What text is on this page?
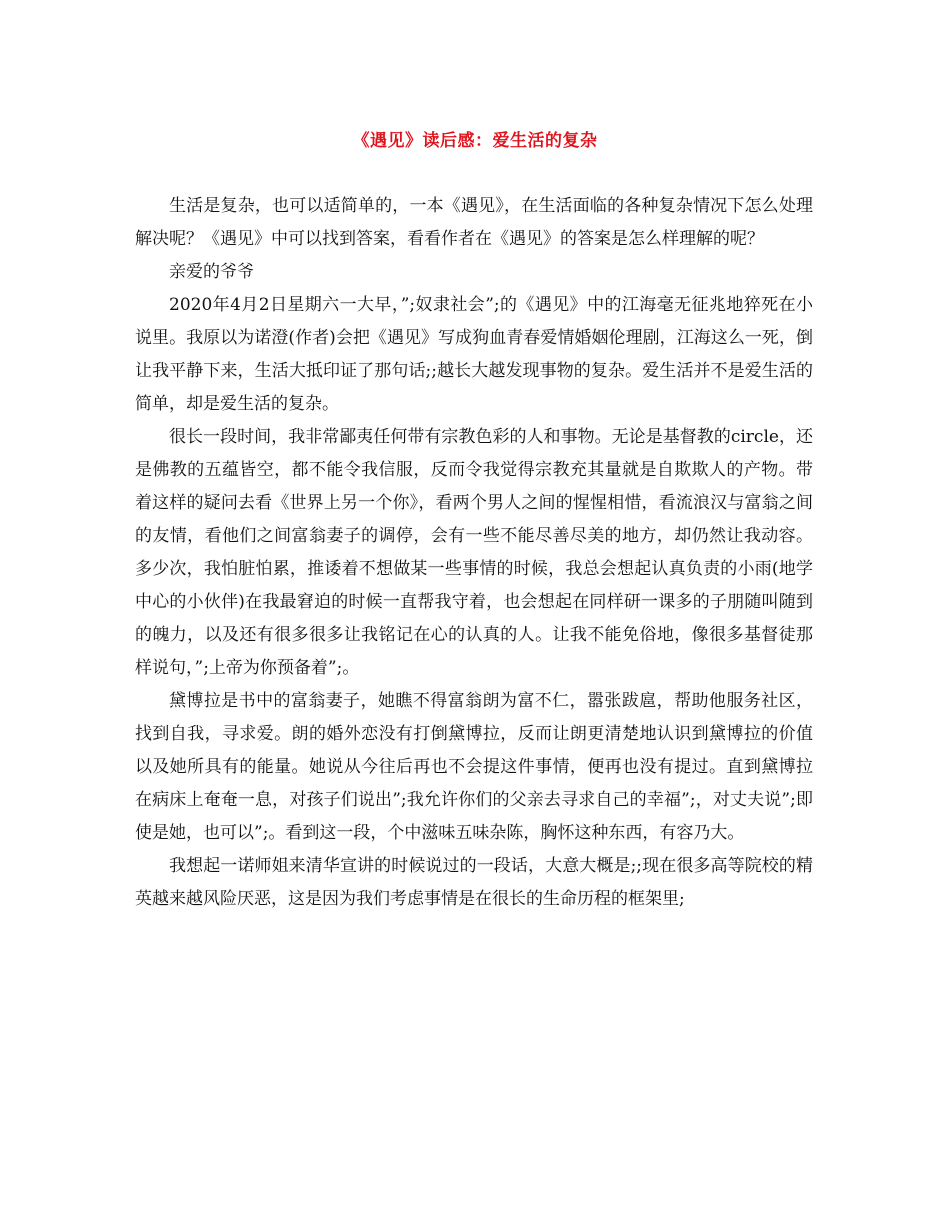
《遇见》读后感：爱生活的复杂

生活是复杂，也可以适简单的，一本《遇见》，在生活面临的各种复杂情况下怎么处理解决呢？《遇见》中可以找到答案，看看作者在《遇见》的答案是怎么样理解的呢？

亲爱的爷爷

2020年4月2日星期六一大早，”;奴隶社会”;的《遇见》中的江海毫无征兆地猝死在小说里。我原以为诺澄(作者)会把《遇见》写成狗血青春爱情婚姻伦理剧，江海这么一死，倒让我平静下来，生活大抵印证了那句话;;越长大越发现事物的复杂。爱生活并不是爱生活的简单，却是爱生活的复杂。

很长一段时间，我非常鄙夷任何带有宗教色彩的人和事物。无论是基督教的circle，还是佛教的五蕴皆空，都不能令我信服，反而令我觉得宗教充其量就是自欺欺人的产物。带着这样的疑问去看《世界上另一个你》，看两个男人之间的惺惺相惜，看流浪汉与富翁之间的友情，看他们之间富翁妻子的调停，会有一些不能尽善尽美的地方，却仍然让我动容。多少次，我怕脏怕累，推诿着不想做某一些事情的时候，我总会想起认真负责的小雨(地学中心的小伙伴)在我最窘迫的时候一直帮我守着，也会想起在同样研一课多的子朋随叫随到的魄力，以及还有很多很多让我铭记在心的认真的人。让我不能免俗地，像很多基督徒那样说句，”;上帝为你预备着”;。

黛博拉是书中的富翁妻子，她瞧不得富翁朗为富不仁，嚣张跋扈，帮助他服务社区，找到自我，寻求爱。朗的婚外恋没有打倒黛博拉，反而让朗更清楚地认识到黛博拉的价值以及她所具有的能量。她说从今往后再也不会提这件事情，便再也没有提过。直到黛博拉在病床上奄奄一息，对孩子们说出”;我允许你们的父亲去寻求自己的幸福”;，对丈夫说”;即使是她，也可以”;。看到这一段，个中滋味五味杂陈，胸怀这种东西，有容乃大。

我想起一诺师姐来清华宣讲的时候说过的一段话，大意大概是;;现在很多高等院校的精英越来越风险厌恶，这是因为我们考虑事情是在很长的生命历程的框架里;
